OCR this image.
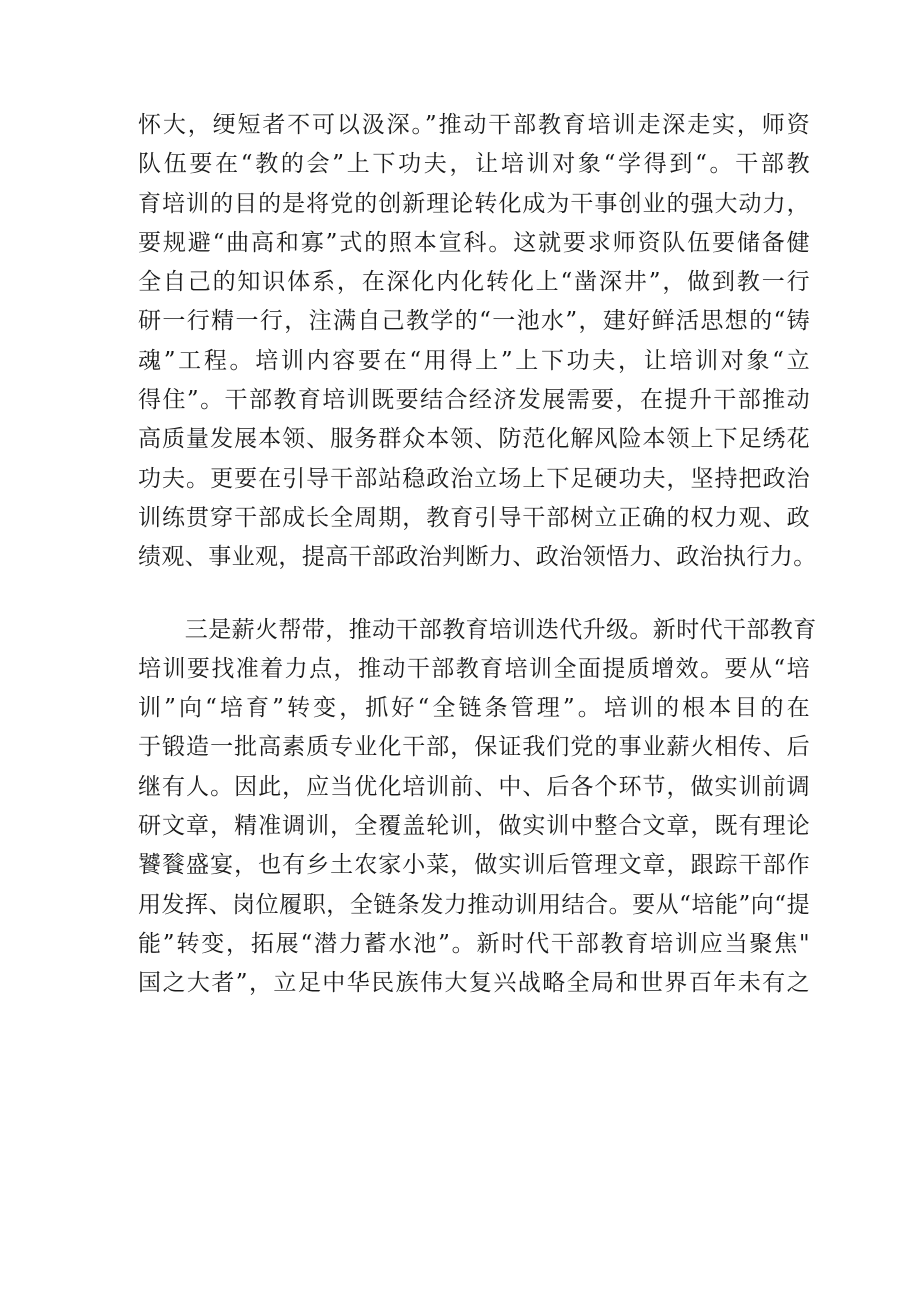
怀大，绠短者不可以汲深。”推动干部教育培训走深走实，师资
队伍要在“教的会”上下功夫，让培训对象“学得到“。干部教
育培训的目的是将党的创新理论转化成为干事创业的强大动力，
要规避“曲高和寡”式的照本宣科。这就要求师资队伍要储备健
全自己的知识体系，在深化内化转化上“凿深井”，做到教一行
研一行精一行，注满自己教学的“一池水”，建好鲜活思想的“铸
魂”工程。培训内容要在“用得上”上下功夫，让培训对象“立
得住”。干部教育培训既要结合经济发展需要，在提升干部推动
高质量发展本领、服务群众本领、防范化解风险本领上下足绣花
功夫。更要在引导干部站稳政治立场上下足硬功夫，坚持把政治
训练贯穿干部成长全周期，教育引导干部树立正确的权力观、政
绩观、事业观，提高干部政治判断力、政治领悟力、政治执行力。
　　三是薪火帮带，推动干部教育培训迭代升级。新时代干部教育
培训要找准着力点，推动干部教育培训全面提质增效。要从“培
训”向“培育”转变，抓好“全链条管理”。培训的根本目的在
于锻造一批高素质专业化干部，保证我们党的事业薪火相传、后
继有人。因此，应当优化培训前、中、后各个环节，做实训前调
研文章，精准调训，全覆盖轮训，做实训中整合文章，既有理论
饕餮盛宴，也有乡土农家小菜，做实训后管理文章，跟踪干部作
用发挥、岗位履职，全链条发力推动训用结合。要从“培能”向“提
能”转变，拓展“潜力蓄水池”。新时代干部教育培训应当聚焦"
国之大者”，立足中华民族伟大复兴战略全局和世界百年未有之
